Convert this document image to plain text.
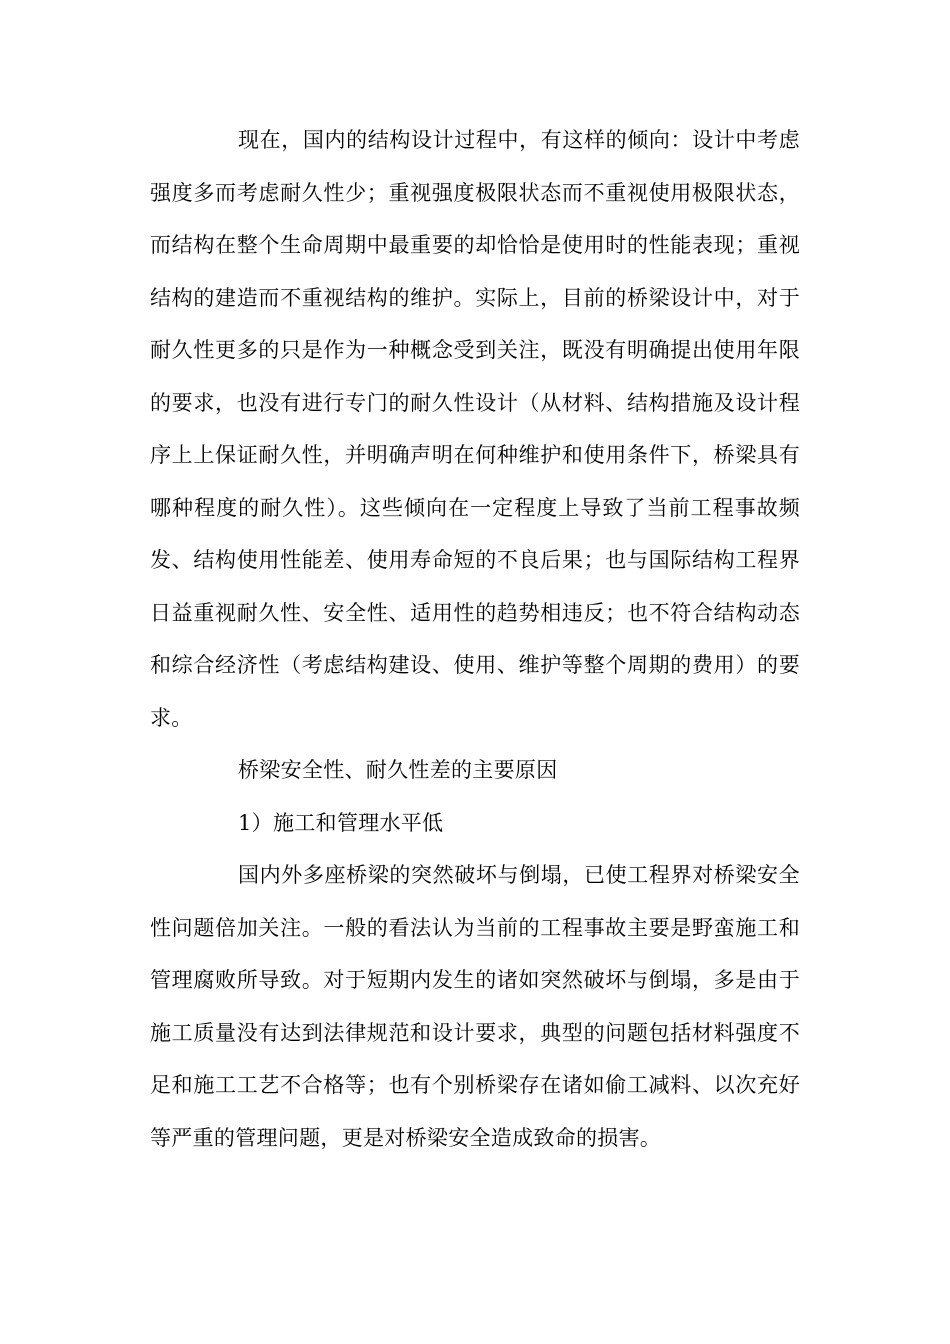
现在，国内的结构设计过程中，有这样的倾向：设计中考虑强度多而考虑耐久性少；重视强度极限状态而不重视使用极限状态，而结构在整个生命周期中最重要的却恰恰是使用时的性能表现；重视结构的建造而不重视结构的维护。实际上，目前的桥梁设计中，对于耐久性更多的只是作为一种概念受到关注，既没有明确提出使用年限的要求，也没有进行专门的耐久性设计（从材料、结构措施及设计程序上上保证耐久性，并明确声明在何种维护和使用条件下，桥梁具有哪种程度的耐久性）。这些倾向在一定程度上导致了当前工程事故频发、结构使用性能差、使用寿命短的不良后果；也与国际结构工程界日益重视耐久性、安全性、适用性的趋势相违反；也不符合结构动态和综合经济性（考虑结构建设、使用、维护等整个周期的费用）的要求。

桥梁安全性、耐久性差的主要原因

1）施工和管理水平低

国内外多座桥梁的突然破坏与倒塌，已使工程界对桥梁安全性问题倍加关注。一般的看法认为当前的工程事故主要是野蛮施工和管理腐败所导致。对于短期内发生的诸如突然破坏与倒塌，多是由于施工质量没有达到法律规范和设计要求，典型的问题包括材料强度不足和施工工艺不合格等；也有个别桥梁存在诸如偷工减料、以次充好等严重的管理问题，更是对桥梁安全造成致命的损害。
